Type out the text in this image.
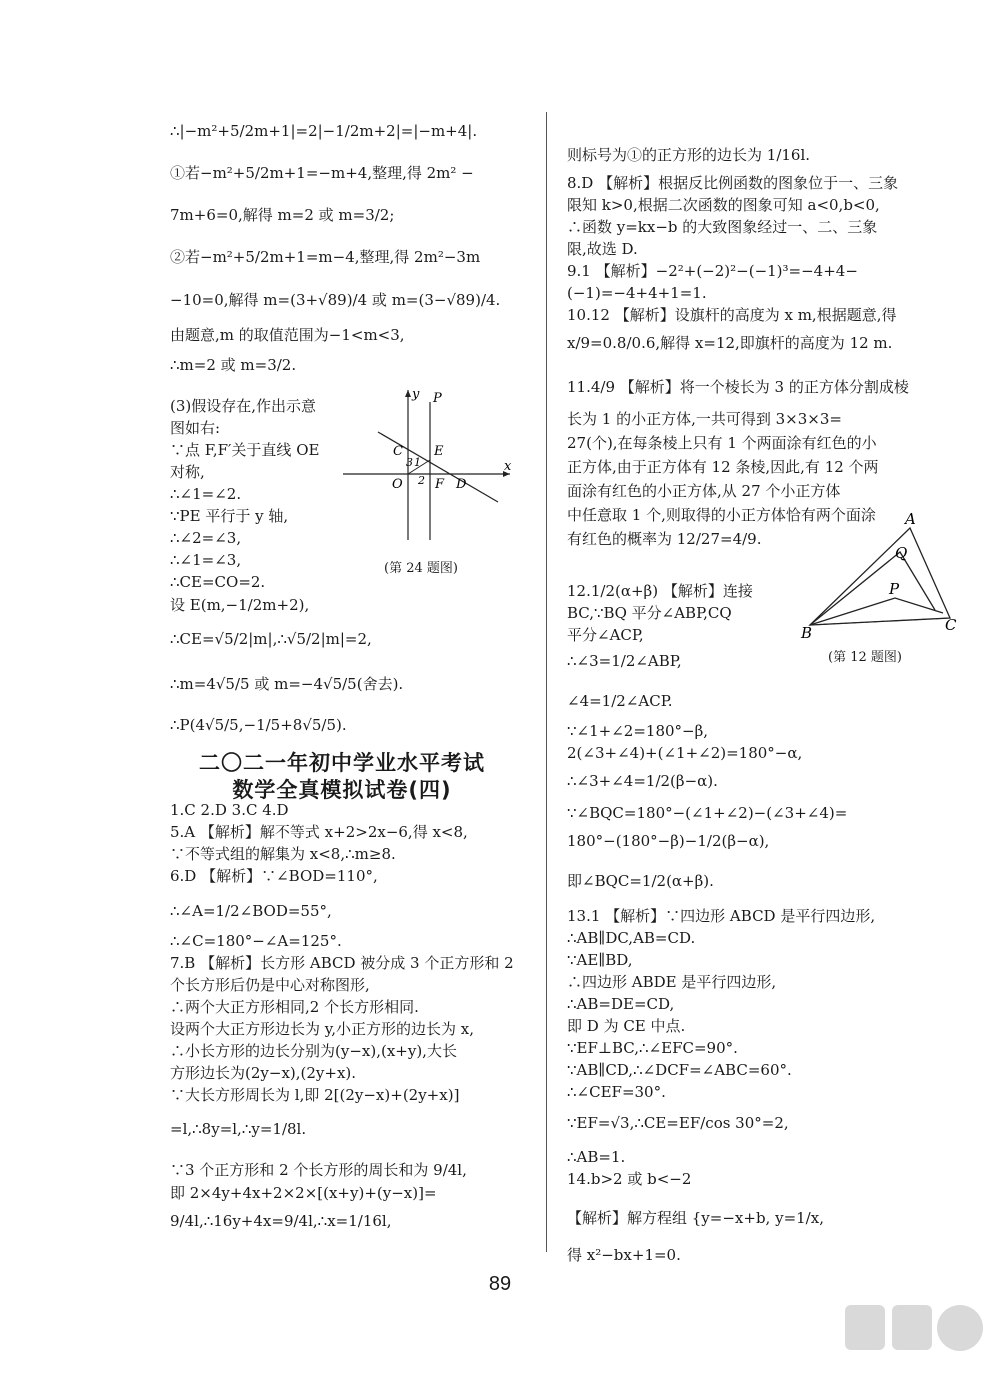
∴|−m²+5/2m+1|=2|−1/2m+2|=|−m+4|.
①若−m²+5/2m+1=−m+4,整理,得 2m² −
7m+6=0,解得 m=2 或 m=3/2;
②若−m²+5/2m+1=m−4,整理,得 2m²−3m
−10=0,解得 m=(3+√89)/4 或 m=(3−√89)/4.
由题意,m 的取值范围为−1<m<3,
∴m=2 或 m=3/2.
(3)假设存在,作出示意
图如右:
∵点 F,F′关于直线 OE
对称,
∴∠1=∠2.
∵PE 平行于 y 轴,
∴∠2=∠3,
∴∠1=∠3,
∴CE=CO=2.
设 E(m,−1/2m+2),
∴CE=√5/2|m|,∴√5/2|m|=2,
∴m=4√5/5 或 m=−4√5/5(舍去).
∴P(4√5/5,−1/5+8√5/5).
1.C 2.D 3.C 4.D
5.A 【解析】解不等式 x+2>2x−6,得 x<8,
∵不等式组的解集为 x<8,∴m≥8.
6.D 【解析】∵∠BOD=110°,
∴∠A=1/2∠BOD=55°,
∴∠C=180°−∠A=125°.
7.B 【解析】长方形 ABCD 被分成 3 个正方形和 2
个长方形后仍是中心对称图形,
∴两个大正方形相同,2 个长方形相同.
设两个大正方形边长为 y,小正方形的边长为 x,
∴小长方形的边长分别为(y−x),(x+y),大长
方形边长为(2y−x),(2y+x).
∵大长方形周长为 l,即 2[(2y−x)+(2y+x)]
=l,∴8y=l,∴y=1/8l.
∵3 个正方形和 2 个长方形的周长和为 9/4l,
即 2×4y+4x+2×2×[(x+y)+(y−x)]=
9/4l,∴16y+4x=9/4l,∴x=1/16l,
y P
C E
3 1
2
O F D
x
(第 24 题图)
二〇二一年初中学业水平考试
数学全真模拟试卷(四)
则标号为①的正方形的边长为 1/16l.
8.D 【解析】根据反比例函数的图象位于一、三象
限知 k>0,根据二次函数的图象可知 a<0,b<0,
∴函数 y=kx−b 的大致图象经过一、二、三象
限,故选 D.
9.1 【解析】−2²+(−2)²−(−1)³=−4+4−
(−1)=−4+4+1=1.
10.12 【解析】设旗杆的高度为 x m,根据题意,得
x/9=0.8/0.6,解得 x=12,即旗杆的高度为 12 m.
11.4/9 【解析】将一个棱长为 3 的正方体分割成棱
长为 1 的小正方体,一共可得到 3×3×3=
27(个),在每条棱上只有 1 个两面涂有红色的小
正方体,由于正方体有 12 条棱,因此,有 12 个两
面涂有红色的小正方体,从 27 个小正方体
中任意取 1 个,则取得的小正方体恰有两个面涂
有红色的概率为 12/27=4/9.
12.1/2(α+β) 【解析】连接
BC,∵BQ 平分∠ABP,CQ
平分∠ACP,
∴∠3=1/2∠ABP,
∠4=1/2∠ACP.
∵∠1+∠2=180°−β,
2(∠3+∠4)+(∠1+∠2)=180°−α,
∴∠3+∠4=1/2(β−α).
∵∠BQC=180°−(∠1+∠2)−(∠3+∠4)=
180°−(180°−β)−1/2(β−α),
即∠BQC=1/2(α+β).
13.1 【解析】∵四边形 ABCD 是平行四边形,
∴AB∥DC,AB=CD.
∵AE∥BD,
∴四边形 ABDE 是平行四边形,
∴AB=DE=CD,
即 D 为 CE 中点.
∵EF⊥BC,∴∠EFC=90°.
∵AB∥CD,∴∠DCF=∠ABC=60°.
∴∠CEF=30°.
∵EF=√3,∴CE=EF/cos 30°=2,
∴AB=1.
14.b>2 或 b<−2
【解析】解方程组 {y=−x+b, y=1/x,
得 x²−bx+1=0.
A
Q
P
B	C
(第 12 题图)
89
